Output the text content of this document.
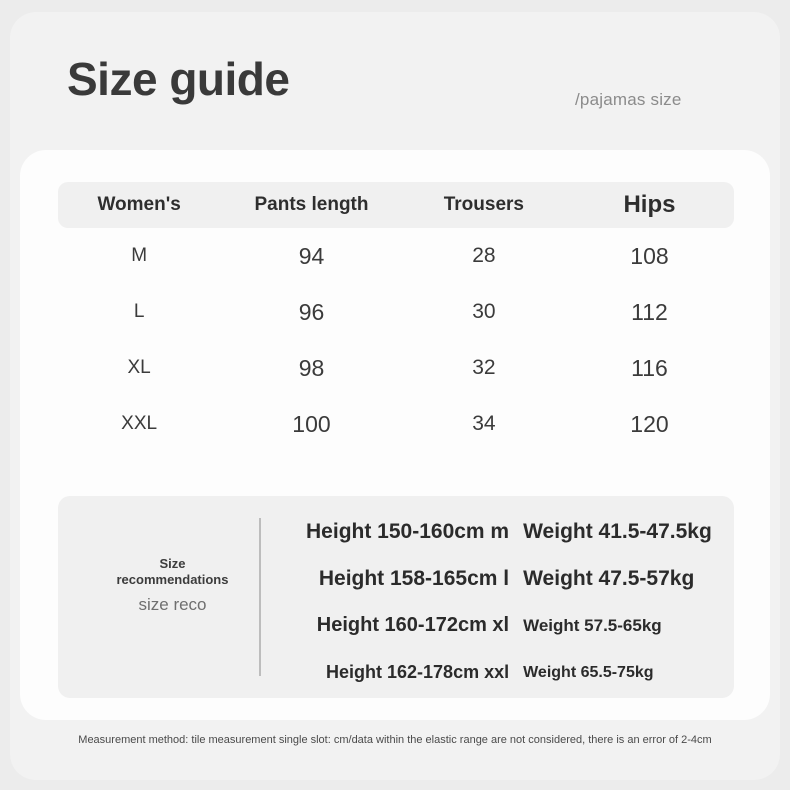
Size guide	/pajamas size
Women's	Pants length	Trousers	Hips
M	94	28	108
L	96	30	112
XL	98	32	116
XXL	100	34	120
Size
recommendations
size reco
Height 150-160cm m Weight 41.5-47.5kg
Height 158-165cm l Weight 47.5-57kg
Height 160-172cm xl Weight 57.5-65kg
Height 162-178cm xxl Weight 65.5-75kg
Measurement method: tile measurement single slot: cm/data within the elastic range are not considered, there is an error of 2-4cm
